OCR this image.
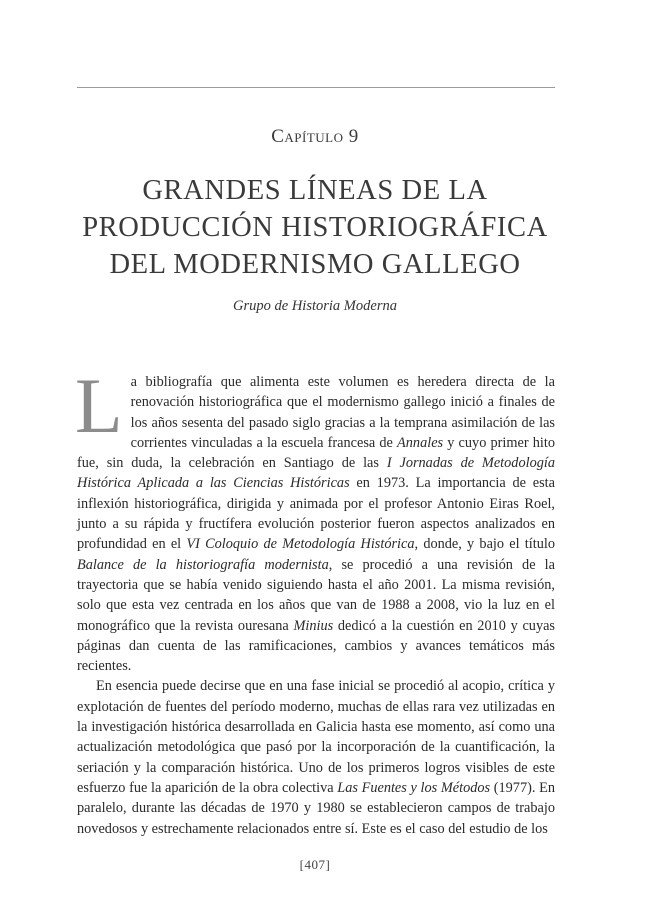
Capítulo 9
GRANDES LÍNEAS DE LA
PRODUCCIÓN HISTORIOGRÁFICA
DEL MODERNISMO GALLEGO
Grupo de Historia Moderna

La bibliografía que alimenta este volumen es heredera directa de la renovación historiográfica que el modernismo gallego inició a finales de los años sesenta del pasado siglo gracias a la temprana asimilación de las corrientes vinculadas a la escuela francesa de Annales y cuyo primer hito fue, sin duda, la celebración en Santiago de las I Jornadas de Metodología Histórica Aplicada a las Ciencias Históricas en 1973. La importancia de esta inflexión historiográfica, dirigida y animada por el profesor Antonio Eiras Roel, junto a su rápida y fructífera evolución posterior fueron aspectos analizados en profundidad en el VI Coloquio de Metodología Histórica, donde, y bajo el título Balance de la historiografía modernista, se procedió a una revisión de la trayectoria que se había venido siguiendo hasta el año 2001. La misma revisión, solo que esta vez centrada en los años que van de 1988 a 2008, vio la luz en el monográfico que la revista ouresana Minius dedicó a la cuestión en 2010 y cuyas páginas dan cuenta de las ramificaciones, cambios y avances temáticos más recientes.

En esencia puede decirse que en una fase inicial se procedió al acopio, crítica y explotación de fuentes del período moderno, muchas de ellas rara vez utilizadas en la investigación histórica desarrollada en Galicia hasta ese momento, así como una actualización metodológica que pasó por la incorporación de la cuantificación, la seriación y la comparación histórica. Uno de los primeros logros visibles de este esfuerzo fue la aparición de la obra colectiva Las Fuentes y los Métodos (1977). En paralelo, durante las décadas de 1970 y 1980 se establecieron campos de trabajo novedosos y estrechamente relacionados entre sí. Este es el caso del estudio de los

[407]
